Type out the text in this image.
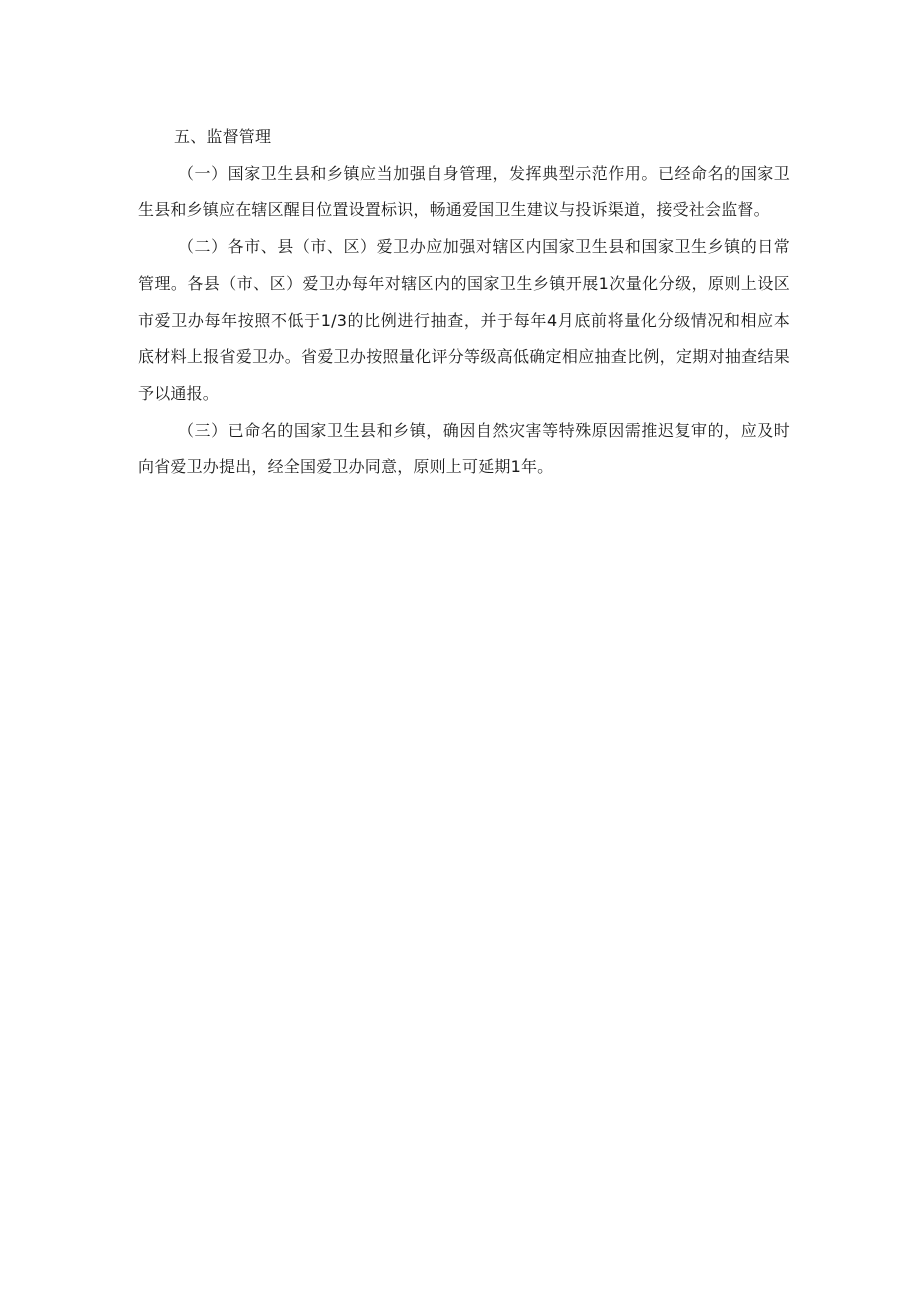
五、监督管理

（一）国家卫生县和乡镇应当加强自身管理，发挥典型示范作用。已经命名的国家卫生县和乡镇应在辖区醒目位置设置标识，畅通爱国卫生建议与投诉渠道，接受社会监督。

（二）各市、县（市、区）爱卫办应加强对辖区内国家卫生县和国家卫生乡镇的日常管理。各县（市、区）爱卫办每年对辖区内的国家卫生乡镇开展1次量化分级，原则上设区市爱卫办每年按照不低于1/3的比例进行抽查，并于每年4月底前将量化分级情况和相应本底材料上报省爱卫办。省爱卫办按照量化评分等级高低确定相应抽查比例，定期对抽查结果予以通报。

（三）已命名的国家卫生县和乡镇，确因自然灾害等特殊原因需推迟复审的，应及时向省爱卫办提出，经全国爱卫办同意，原则上可延期1年。
